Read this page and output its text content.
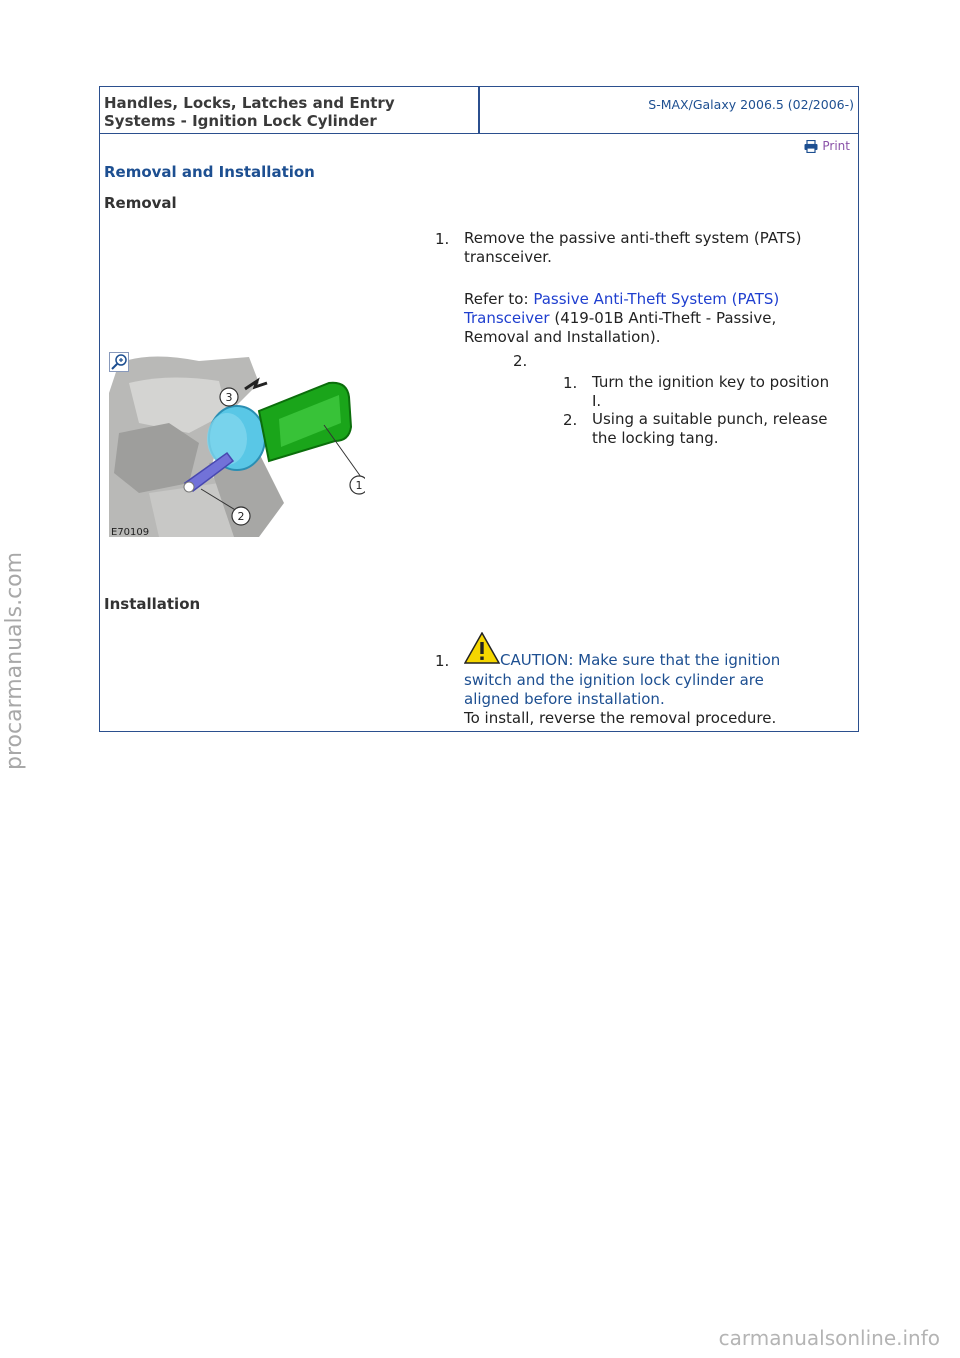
Handles, Locks, Latches and Entry
Systems - Ignition Lock Cylinder
S-MAX/Galaxy 2006.5 (02/2006-)
Print
Removal and Installation
Removal
1. Remove the passive anti-theft system (PATS)
transceiver.
Refer to: Passive Anti-Theft System (PATS)
Transceiver (419-01B Anti-Theft - Passive,
Removal and Installation).
1
2
3
E70109
2.
1. Turn the ignition key to position
I.
2. Using a suitable punch, release
the locking tang.
Installation
1.	CAUTION: Make sure that the ignition
switch and the ignition lock cylinder are
aligned before installation.
To install, reverse the removal procedure.
procarmanuals.com
carmanualsonline.info
